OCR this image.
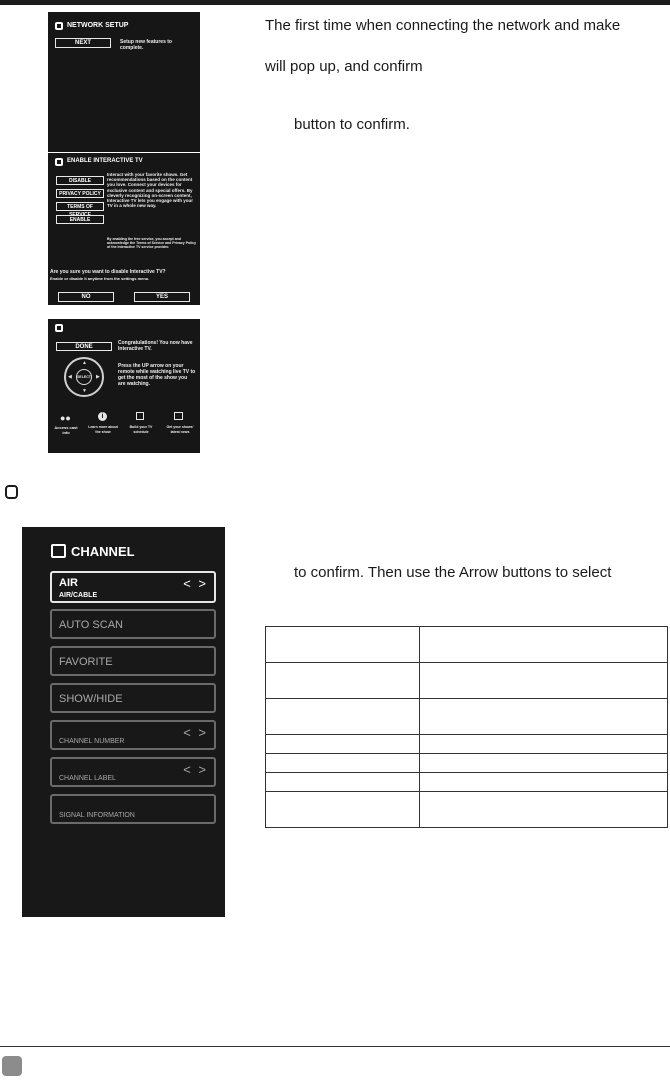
NETWORK SETUP
NEXT	Setup new features to complete.
ENABLE INTERACTIVE TV
DISABLE
PRIVACY POLICY
TERMS OF SERVICE
ENABLE
Interact with your favorite shows. Get recommendations based on the content you love. Connect your devices for exclusive content and special offers. By cleverly recognizing on-screen content, Interactive TV lets you engage with your TV in a whole new way.
By enabling the free service, you accept and acknowledge the Terms of Service and Privacy Policy of the Interactive TV service provider.
Are you sure you want to disable Interactive TV?
Enable or disable it anytime from the settings menu.
NO	YES
DONE
Congratulations! You now have Interactive TV.
SELECT
▲
▼
◀	▶
Press the UP arrow on your remote while watching live TV to get the most of the show you are watching.
●●	i
Access cast info
Learn more about the show
Build your TV schedule
Get your shows' latest news
The first time when connecting the network and make
will pop up, and confirm
button to confirm.
CHANNEL
AIR
AIR/CABLE
< >
AUTO SCAN
FAVORITE
SHOW/HIDE
CHANNEL NUMBER
< >
CHANNEL LABEL
< >
SIGNAL INFORMATION
to confirm. Then use the Arrow buttons to select
